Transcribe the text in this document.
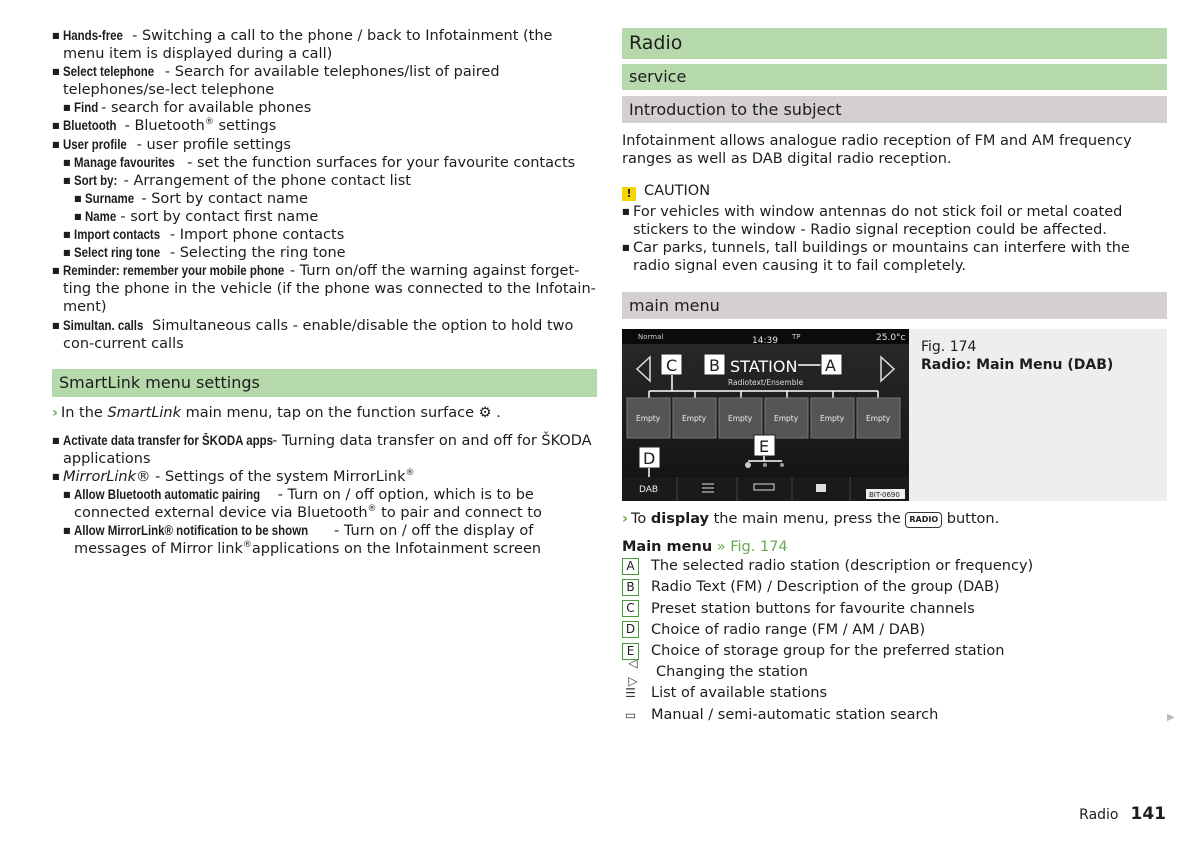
■ Hands-free - Switching a call to the phone / back to Infotainment (the menu item is displayed during a call)
■ Select telephone - Search for available telephones/list of paired telephones/se-lect telephone
■ Find - search for available phones
■ Bluetooth - Bluetooth® settings
■ User profile - user profile settings
■ Manage favourites - set the function surfaces for your favourite contacts
■ Sort by: - Arrangement of the phone contact list
■ Surname - Sort by contact name
■ Name - sort by contact first name
■ Import contacts - Import phone contacts
■ Select ring tone - Selecting the ring tone
■ Reminder: remember your mobile phone - Turn on/off the warning against forget-ting the phone in the vehicle (if the phone was connected to the Infotain-ment)
■ Simultan. calls Simultaneous calls - enable/disable the option to hold two con-current calls
SmartLink menu settings
› In the SmartLink main menu, tap on the function surface ⚙ .
■ Activate data transfer for ŠKODA apps- Turning data transfer on and off for ŠKODA applications
■ MirrorLink® - Settings of the system MirrorLink®
■ Allow Bluetooth automatic pairing - Turn on / off option, which is to be connected external device via Bluetooth® to pair and connect to
■ Allow MirrorLink® notification to be shown - Turn on / off the display of messages of Mirror link®applications on the Infotainment screen
Radio
service
Introduction to the subject
Infotainment allows analogue radio reception of FM and AM frequency ranges as well as DAB digital radio reception.
! CAUTION
■ For vehicles with window antennas do not stick foil or metal coated stickers to the window - Radio signal reception could be affected.
■ Car parks, tunnels, tall buildings or mountains can interfere with the radio signal even causing it to fail completely.
main menu
Normal	14:39 TP	25.0°c
STATION
Radiotext/Ensemble
C B	A
Empty	Empty	Empty	Empty	Empty	Empty
E
D
DAB	BIT-0690
Fig. 174
Radio: Main Menu (DAB)
› To display the main menu, press the RADIO button.
Main menu » Fig. 174
A	The selected radio station (description or frequency)
B	Radio Text (FM) / Description of the group (DAB)
C Preset station buttons for favourite channels
D Choice of radio range (FM / AM / DAB)
E	Choice of storage group for the preferred station
◁ ▷
Changing the station
☰ List of available stations
▭ Manual / semi-automatic station search	▶
Radio 141
